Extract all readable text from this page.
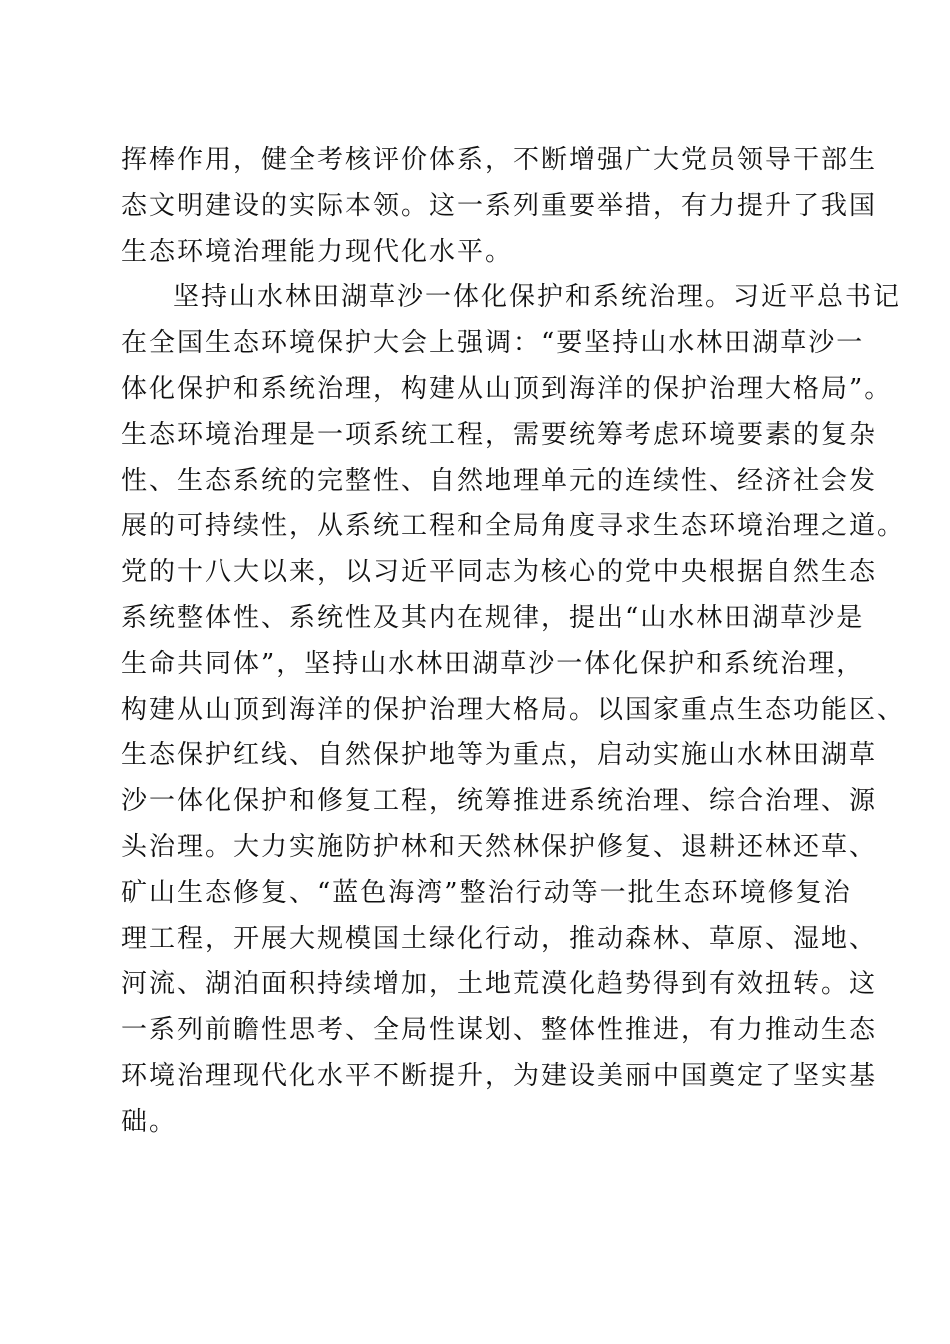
挥棒作用，健全考核评价体系，不断增强广大党员领导干部生
态文明建设的实际本领。这一系列重要举措，有力提升了我国
生态环境治理能力现代化水平。
坚持山水林田湖草沙一体化保护和系统治理。习近平总书记
在全国生态环境保护大会上强调：“要坚持山水林田湖草沙一
体化保护和系统治理，构建从山顶到海洋的保护治理大格局”。
生态环境治理是一项系统工程，需要统筹考虑环境要素的复杂
性、生态系统的完整性、自然地理单元的连续性、经济社会发
展的可持续性，从系统工程和全局角度寻求生态环境治理之道。
党的十八大以来，以习近平同志为核心的党中央根据自然生态
系统整体性、系统性及其内在规律，提出“山水林田湖草沙是
生命共同体”，坚持山水林田湖草沙一体化保护和系统治理，
构建从山顶到海洋的保护治理大格局。以国家重点生态功能区、
生态保护红线、自然保护地等为重点，启动实施山水林田湖草
沙一体化保护和修复工程，统筹推进系统治理、综合治理、源
头治理。大力实施防护林和天然林保护修复、退耕还林还草、
矿山生态修复、“蓝色海湾”整治行动等一批生态环境修复治
理工程，开展大规模国土绿化行动，推动森林、草原、湿地、
河流、湖泊面积持续增加，土地荒漠化趋势得到有效扭转。这
一系列前瞻性思考、全局性谋划、整体性推进，有力推动生态
环境治理现代化水平不断提升，为建设美丽中国奠定了坚实基
础。
